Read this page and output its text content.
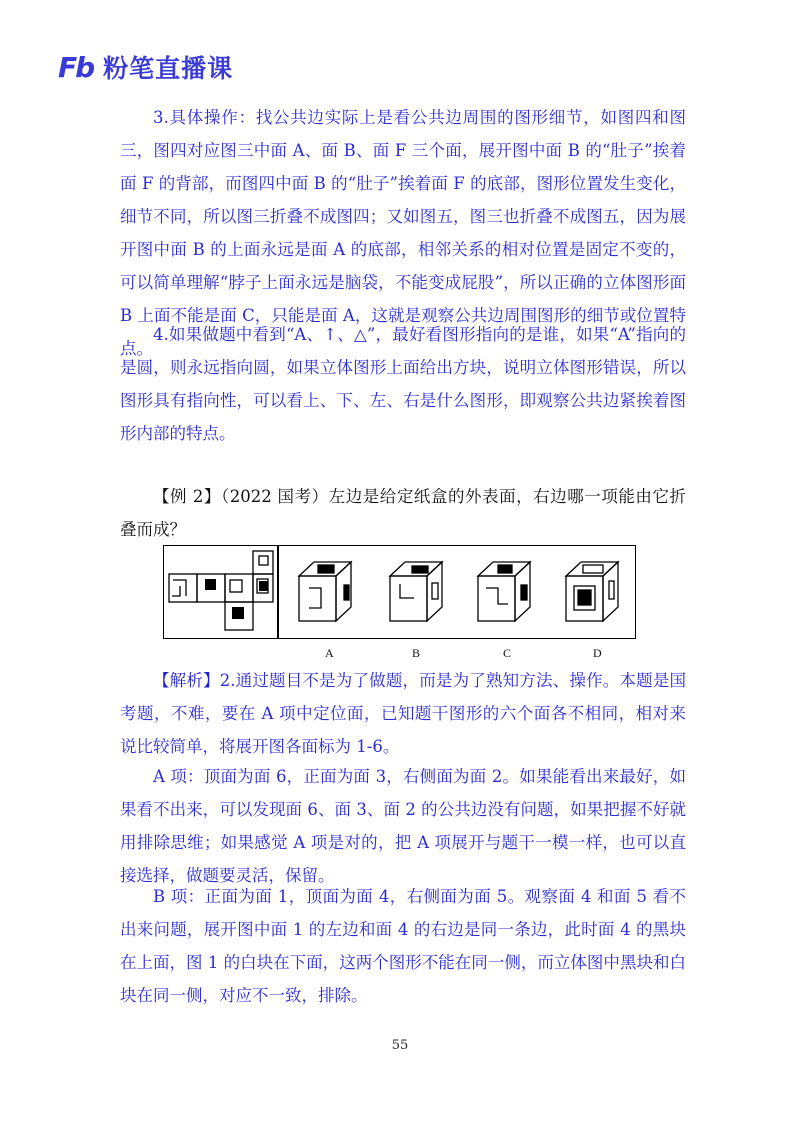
Fb 粉笔直播课

3.具体操作：找公共边实际上是看公共边周围的图形细节，如图四和图三，图四对应图三中面 A、面 B、面 F 三个面，展开图中面 B 的“肚子”挨着面 F 的背部，而图四中面 B 的“肚子”挨着面 F 的底部，图形位置发生变化，细节不同，所以图三折叠不成图四；又如图五，图三也折叠不成图五，因为展开图中面 B 的上面永远是面 A 的底部，相邻关系的相对位置是固定不变的，可以简单理解“脖子上面永远是脑袋，不能变成屁股”，所以正确的立体图形面 B 上面不能是面 C，只能是面 A，这就是观察公共边周围图形的细节或位置特点。

4.如果做题中看到“A、↑、△”，最好看图形指向的是谁，如果“A”指向的是圆，则永远指向圆，如果立体图形上面给出方块，说明立体图形错误，所以图形具有指向性，可以看上、下、左、右是什么图形，即观察公共边紧挨着图形内部的特点。

【例 2】（2022 国考）左边是给定纸盒的外表面，右边哪一项能由它折叠而成？

A	B	C	D

【解析】2.通过题目不是为了做题，而是为了熟知方法、操作。本题是国考题，不难，要在 A 项中定位面，已知题干图形的六个面各不相同，相对来说比较简单，将展开图各面标为 1-6。

A 项：顶面为面 6，正面为面 3，右侧面为面 2。如果能看出来最好，如果看不出来，可以发现面 6、面 3、面 2 的公共边没有问题，如果把握不好就用排除思维；如果感觉 A 项是对的，把 A 项展开与题干一模一样，也可以直接选择，做题要灵活，保留。

B 项：正面为面 1，顶面为面 4，右侧面为面 5。观察面 4 和面 5 看不出来问题，展开图中面 1 的左边和面 4 的右边是同一条边，此时面 4 的黑块在上面，图 1 的白块在下面，这两个图形不能在同一侧，而立体图中黑块和白块在同一侧，对应不一致，排除。

55
